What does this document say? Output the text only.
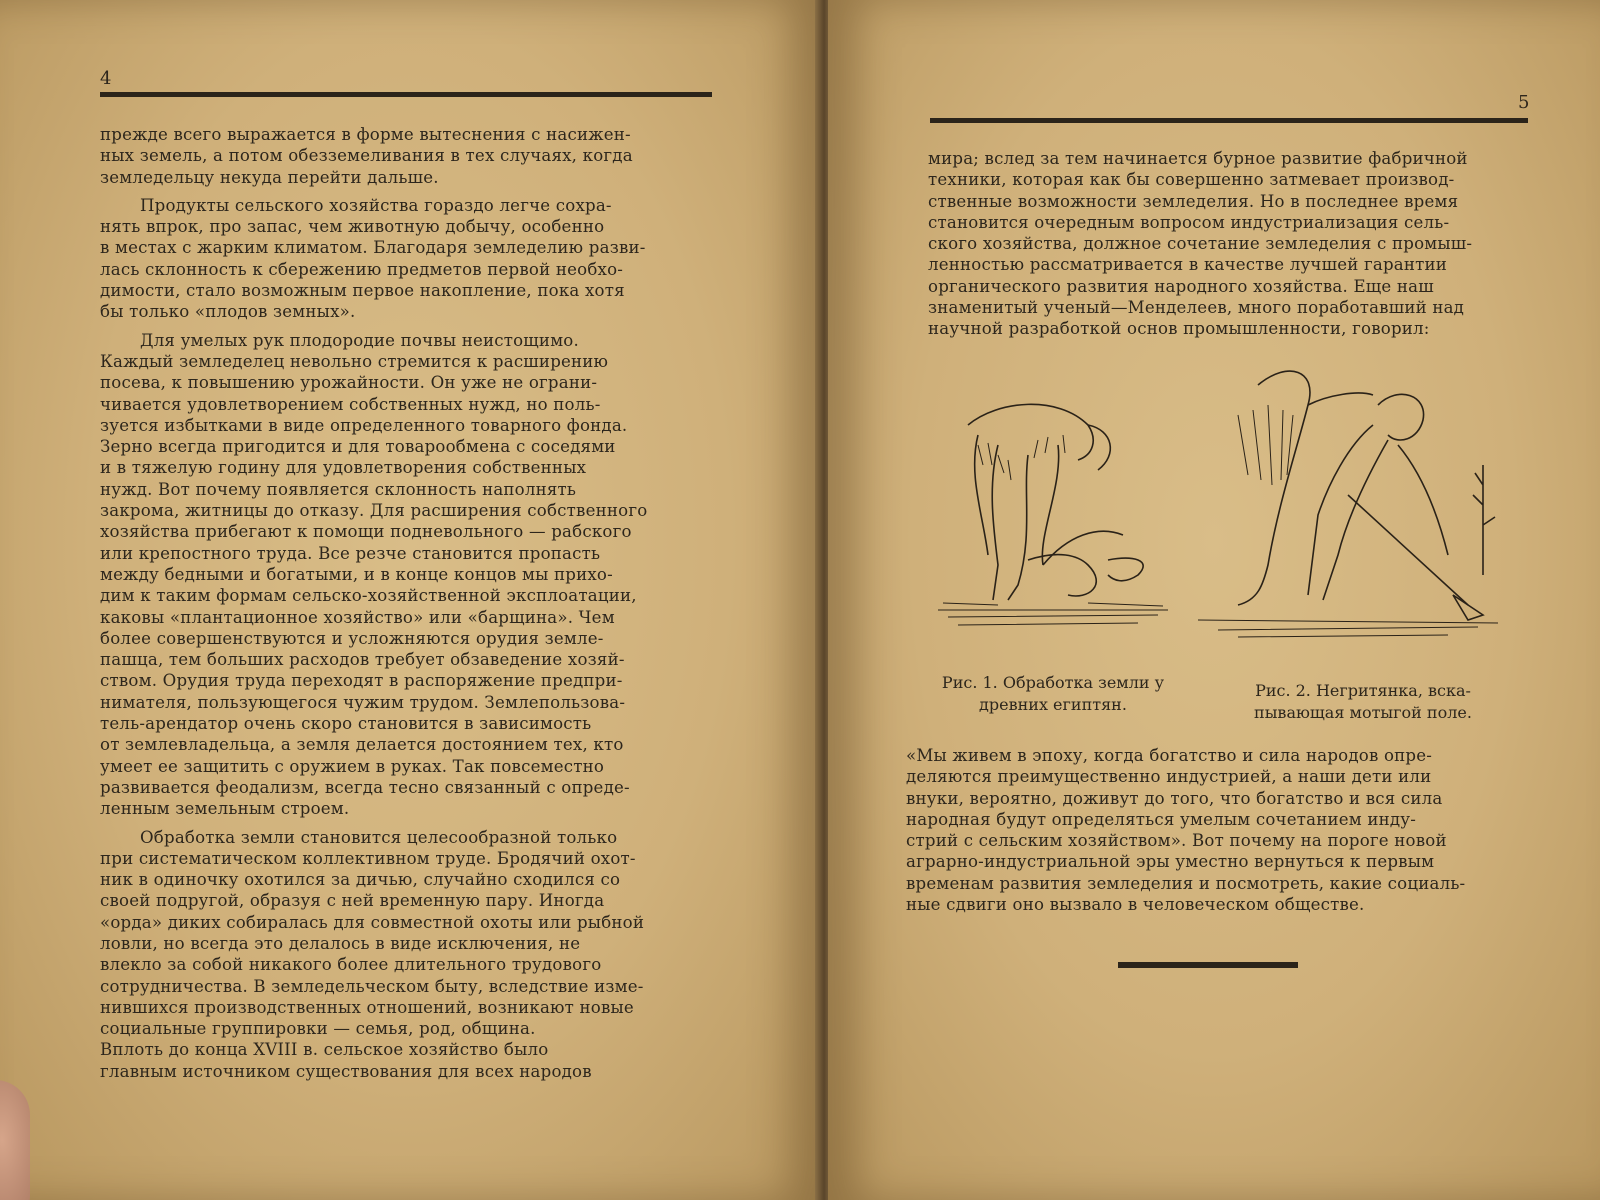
4

прежде всего выражается в форме вытеснения с насижен-

ных земель, а потом обезземеливания в тех случаях, когда

земледельцу некуда перейти дальше.

Продукты сельского хозяйства гораздо легче сохра-

нять впрок, про запас, чем животную добычу, особенно

в местах с жарким климатом. Благодаря земледелию разви-

лась склонность к сбережению предметов первой необхо-

димости, стало возможным первое накопление, пока хотя

бы только «плодов земных».

Для умелых рук плодородие почвы неистощимо.

Каждый земледелец невольно стремится к расширению

посева, к повышению урожайности. Он уже не ограни-

чивается удовлетворением собственных нужд, но поль-

зуется избытками в виде определенного товарного фонда.

Зерно всегда пригодится и для товарообмена с соседями

и в тяжелую годину для удовлетворения собственных

нужд. Вот почему появляется склонность наполнять

закрома, житницы до отказу. Для расширения собственного

хозяйства прибегают к помощи подневольного — рабского

или крепостного труда. Все резче становится пропасть

между бедными и богатыми, и в конце концов мы прихо-

дим к таким формам сельско-хозяйственной эксплоатации,

каковы «плантационное хозяйство» или «барщина». Чем

более совершенствуются и усложняются орудия земле-

пашца, тем больших расходов требует обзаведение хозяй-

ством. Орудия труда переходят в распоряжение предпри-

нимателя, пользующегося чужим трудом. Землепользова-

тель-арендатор очень скоро становится в зависимость

от землевладельца, а земля делается достоянием тех, кто

умеет ее защитить с оружием в руках. Так повсеместно

развивается феодализм, всегда тесно связанный с опреде-

ленным земельным строем.

Обработка земли становится целесообразной только

при систематическом коллективном труде. Бродячий охот-

ник в одиночку охотился за дичью, случайно сходился со

своей подругой, образуя с ней временную пару. Иногда

«орда» диких собиралась для совместной охоты или рыбной

ловли, но всегда это делалось в виде исключения, не

влекло за собой никакого более длительного трудового

сотрудничества. В земледельческом быту, вследствие изме-

нившихся производственных отношений, возникают новые

социальные группировки — семья, род, община.

Вплоть до конца XVIII в. сельское хозяйство было

главным источником существования для всех народов

5

мира; вслед за тем начинается бурное развитие фабричной

техники, которая как бы совершенно затмевает производ-

ственные возможности земледелия. Но в последнее время

становится очередным вопросом индустриализация сель-

ского хозяйства, должное сочетание земледелия с промыш-

ленностью рассматривается в качестве лучшей гарантии

органического развития народного хозяйства. Еще наш

знаменитый ученый—Менделеев, много поработавший над

научной разработкой основ промышленности, говорил:

Рис. 1. Обработка земли у
древних египтян.
Рис. 2. Негритянка, вска-
пывающая мотыгой поле.

«Мы живем в эпоху, когда богатство и сила народов опре-

деляются преимущественно индустрией, а наши дети или

внуки, вероятно, доживут до того, что богатство и вся сила

народная будут определяться умелым сочетанием инду-

стрий с сельским хозяйством». Вот почему на пороге новой

аграрно-индустриальной эры уместно вернуться к первым

временам развития земледелия и посмотреть, какие социаль-

ные сдвиги оно вызвало в человеческом обществе.
